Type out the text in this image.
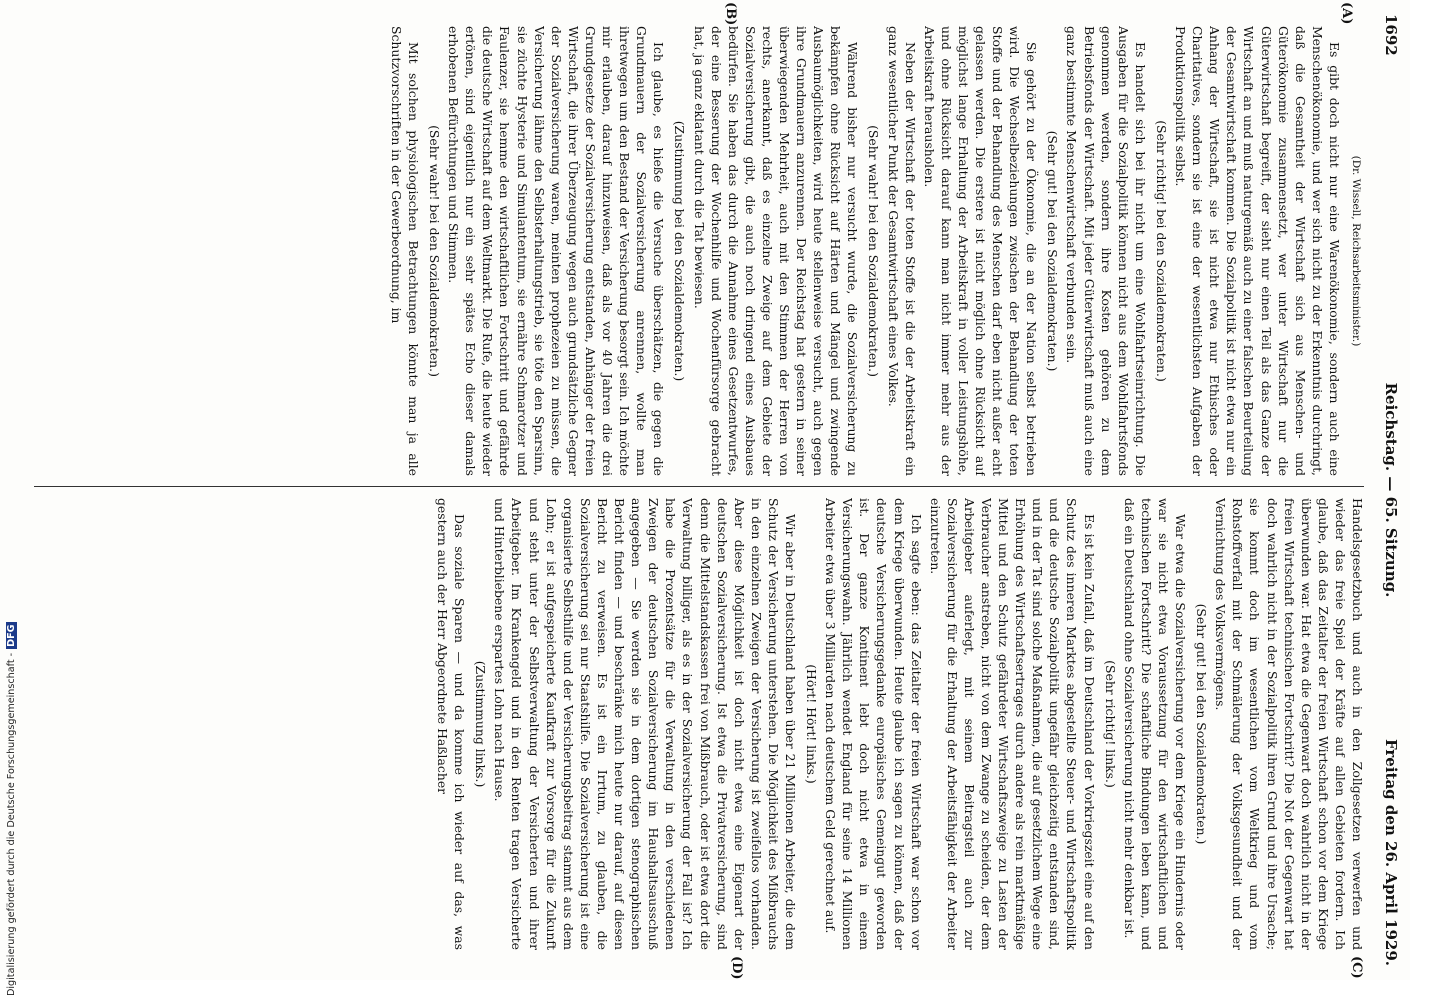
1692
Reichstag. — 65. Sitzung.
Freitag den 26. April 1929.
(A)
(B)
(C)
(D)

(Dr. Wissell, Reichsarbeitsminister.)

Es gibt doch nicht nur eine Warenökonomie, sondern auch eine Menschenökonomie, und wer sich nicht zu der Erkenntnis durchringt, daß die Gesamtheit der Wirtschaft sich aus Menschen- und Güterökonomie zusammensetzt, wer unter Wirtschaft nur die Güterwirtschaft begreift, der sieht nur einen Teil als das Ganze der Wirtschaft an und muß naturgemäß auch zu einer falschen Beurteilung der Gesamtwirtschaft kommen. Die Sozialpolitik ist nicht etwa nur ein Anhang der Wirtschaft, sie ist nicht etwa nur Ethisches oder Charitatives, sondern sie ist eine der wesentlichsten Aufgaben der Produktionspolitik selbst.

(Sehr richtig! bei den Sozialdemokraten.)

Es handelt sich bei ihr nicht um eine Wohlfahrtseinrichtung. Die Ausgaben für die Sozialpolitik können nicht aus dem Wohlfahrtsfonds genommen werden, sondern ihre Kosten gehören zu dem Betriebsfonds der Wirtschaft. Mit jeder Güterwirtschaft muß auch eine ganz bestimmte Menschenwirtschaft verbunden sein.

(Sehr gut! bei den Sozialdemokraten.)

Sie gehört zu der Ökonomie, die an der Nation selbst betrieben wird. Die Wechselbeziehungen zwischen der Behandlung der toten Stoffe und der Behandlung des Menschen darf eben nicht außer acht gelassen werden. Die erstere ist nicht möglich ohne Rücksicht auf möglichst lange Erhaltung der Arbeitskraft in voller Leistungshöhe, und ohne Rücksicht darauf kann man nicht immer mehr aus der Arbeitskraft herausholen.

Neben der Wirtschaft der toten Stoffe ist die der Arbeitskraft ein ganz wesentlicher Punkt der Gesamtwirtschaft eines Volkes.

(Sehr wahr! bei den Sozialdemokraten.)

Während bisher nur versucht wurde, die Sozialversicherung zu bekämpfen ohne Rücksicht auf Härten und Mängel und zwingende Ausbaumöglichkeiten, wird heute stellenweise versucht, auch gegen ihre Grundmauern anzurennen. Der Reichstag hat gestern in seiner überwiegenden Mehrheit, auch mit den Stimmen der Herren von rechts, anerkannt, daß es einzelne Zweige auf dem Gebiete der Sozialversicherung gibt, die auch noch dringend eines Ausbaues bedürfen. Sie haben das durch die Annahme eines Gesetzentwurfes, der eine Besserung der Wochenhilfe und Wochenfürsorge gebracht hat, ja ganz eklatant durch die Tat bewiesen.

(Zustimmung bei den Sozialdemokraten.)

Ich glaube, es hieße die Versuche überschätzen, die gegen die Grundmauern der Sozialversicherung anrennen, wollte man ihretwegen um den Bestand der Versicherung besorgt sein. Ich möchte mir erlauben, darauf hinzuweisen, daß als vor 40 Jahren die drei Grundgesetze der Sozialversicherung entstanden, Anhänger der freien Wirtschaft, die ihrer Überzeugung wegen auch grundsätzliche Gegner der Sozialversicherung waren, meinten prophezeien zu müssen, die Versicherung lähme den Selbsterhaltungstrieb, sie töte den Sparsinn, sie züchte Hysterie und Simulantentum, sie ernähre Schmarotzer und Faulenzer, sie hemme den wirtschaftlichen Fortschritt und gefährde die deutsche Wirtschaft auf dem Weltmarkt. Die Rufe, die heute wieder ertönen, sind eigentlich nur ein sehr spätes Echo dieser damals erhobenen Befürchtungen und Stimmen.

(Sehr wahr! bei den Sozialdemokraten.)

Mit solchen physiologischen Betrachtungen könnte man ja alle Schutzvorschriften in der Gewerbeordnung, im

Handelsgesetzbuch und auch in den Zollgesetzen verwerfen und wieder das freie Spiel der Kräfte auf allen Gebieten fordern. Ich glaube, daß das Zeitalter der freien Wirtschaft schon vor dem Kriege überwunden war. Hat etwa die Gegenwart doch wahrlich nicht in der freien Wirtschaft technischen Fortschritt? Die Not der Gegenwart hat doch wahrlich nicht in der Sozialpolitik ihren Grund und ihre Ursache; sie kommt doch im wesentlichen vom Weltkrieg und vom Rohstoffverfall mit der Schmälerung der Volksgesundheit und der Vernichtung des Volksvermögens.

(Sehr gut! bei den Sozialdemokraten.)

War etwa die Sozialversicherung vor dem Kriege ein Hindernis oder war sie nicht etwa Voraussetzung für den wirtschaftlichen und technischen Fortschritt? Die schaftliche Bindungen leben kann, und daß ein Deutschland ohne Sozialversicherung nicht mehr denkbar ist.

(Sehr richtig! links.)

Es ist kein Zufall, daß im Deutschland der Vorkriegszeit eine auf den Schutz des inneren Marktes abgestellte Steuer- und Wirtschaftspolitik und die deutsche Sozialpolitik ungefähr gleichzeitig entstanden sind, und in der Tat sind solche Maßnahmen, die auf gesetzlichem Wege eine Erhöhung des Wirtschaftsertrages durch andere als rein marktmäßige Mittel und den Schutz gefährdeter Wirtschaftszweige zu Lasten der Verbraucher anstreben, nicht von dem Zwange zu scheiden, der dem Arbeitgeber auferlegt, mit seinem Beitragsteil auch zur Sozialversicherung für die Erhaltung der Arbeitsfähigkeit der Arbeiter einzutreten.

Ich sagte eben: das Zeitalter der freien Wirtschaft war schon vor dem Kriege überwunden. Heute glaube ich sagen zu können, daß der deutsche Versicherungsgedanke europäisches Gemeingut geworden ist. Der ganze Kontinent lebt doch nicht etwa in einem Versicherungswahn. Jährlich wendet England für seine 14 Millionen Arbeiter etwa über 3 Milliarden nach deutschem Geld gerechnet auf.

(Hört! Hört! links.)

Wir aber in Deutschland haben über 21 Millionen Arbeiter, die dem Schutz der Versicherung unterstehen. Die Möglichkeit des Mißbrauchs in den einzelnen Zweigen der Versicherung ist zweifellos vorhanden. Aber diese Möglichkeit ist doch nicht etwa eine Eigenart der deutschen Sozialversicherung. Ist etwa die Privatversicherung, sind denn die Mittelstandskassen frei von Mißbrauch, oder ist etwa dort die Verwaltung billiger, als es in der Sozialversicherung der Fall ist? Ich habe die Prozentsätze für die Verwaltung in den verschiedenen Zweigen der deutschen Sozialversicherung im Haushaltsausschuß angegeben — Sie werden sie in dem dortigen stenographischen Bericht finden — und beschränke mich heute nur darauf, auf diesen Bericht zu verweisen. Es ist ein Irrtum, zu glauben, die Sozialversicherung sei nur Staatshilfe. Die Sozialversicherung ist eine organisierte Selbsthilfe und der Versicherungsbeitrag stammt aus dem Lohn; er ist aufgespeicherte Kaufkraft zur Vorsorge für die Zukunft und steht unter der Selbstverwaltung der Versicherten und ihrer Arbeitgeber. Im Krankengeld und in den Renten tragen Versicherte und Hinterbliebene erspartes Lohn nach Hause.

(Zustimmung links.)

Das soziale Sparen — und da komme ich wieder auf das, was gestern auch der Herr Abgeordnete Haßlacher

Digitalisierung gefördert durch die Deutsche Forschungsgemeinschaft -DFG
